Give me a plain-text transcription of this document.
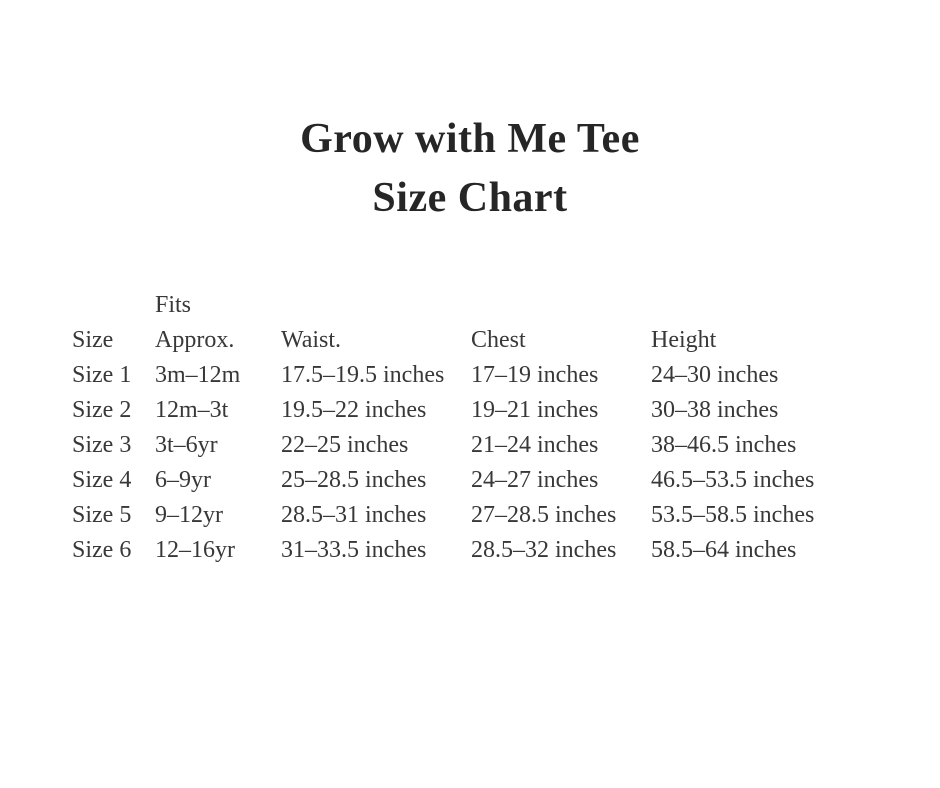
Grow with Me Tee
Size Chart
	Fits			
Size	Approx.	Waist.	Chest	Height
Size 1	3m–12m	17.5–19.5 inches	17–19 inches	24–30 inches
Size 2	12m–3t	19.5–22 inches	19–21 inches	30–38 inches
Size 3	3t–6yr	22–25 inches	21–24 inches	38–46.5 inches
Size 4	6–9yr	25–28.5 inches	24–27 inches	46.5–53.5 inches
Size 5	9–12yr	28.5–31 inches	27–28.5 inches	53.5–58.5 inches
Size 6	12–16yr	31–33.5 inches	28.5–32 inches	58.5–64 inches
